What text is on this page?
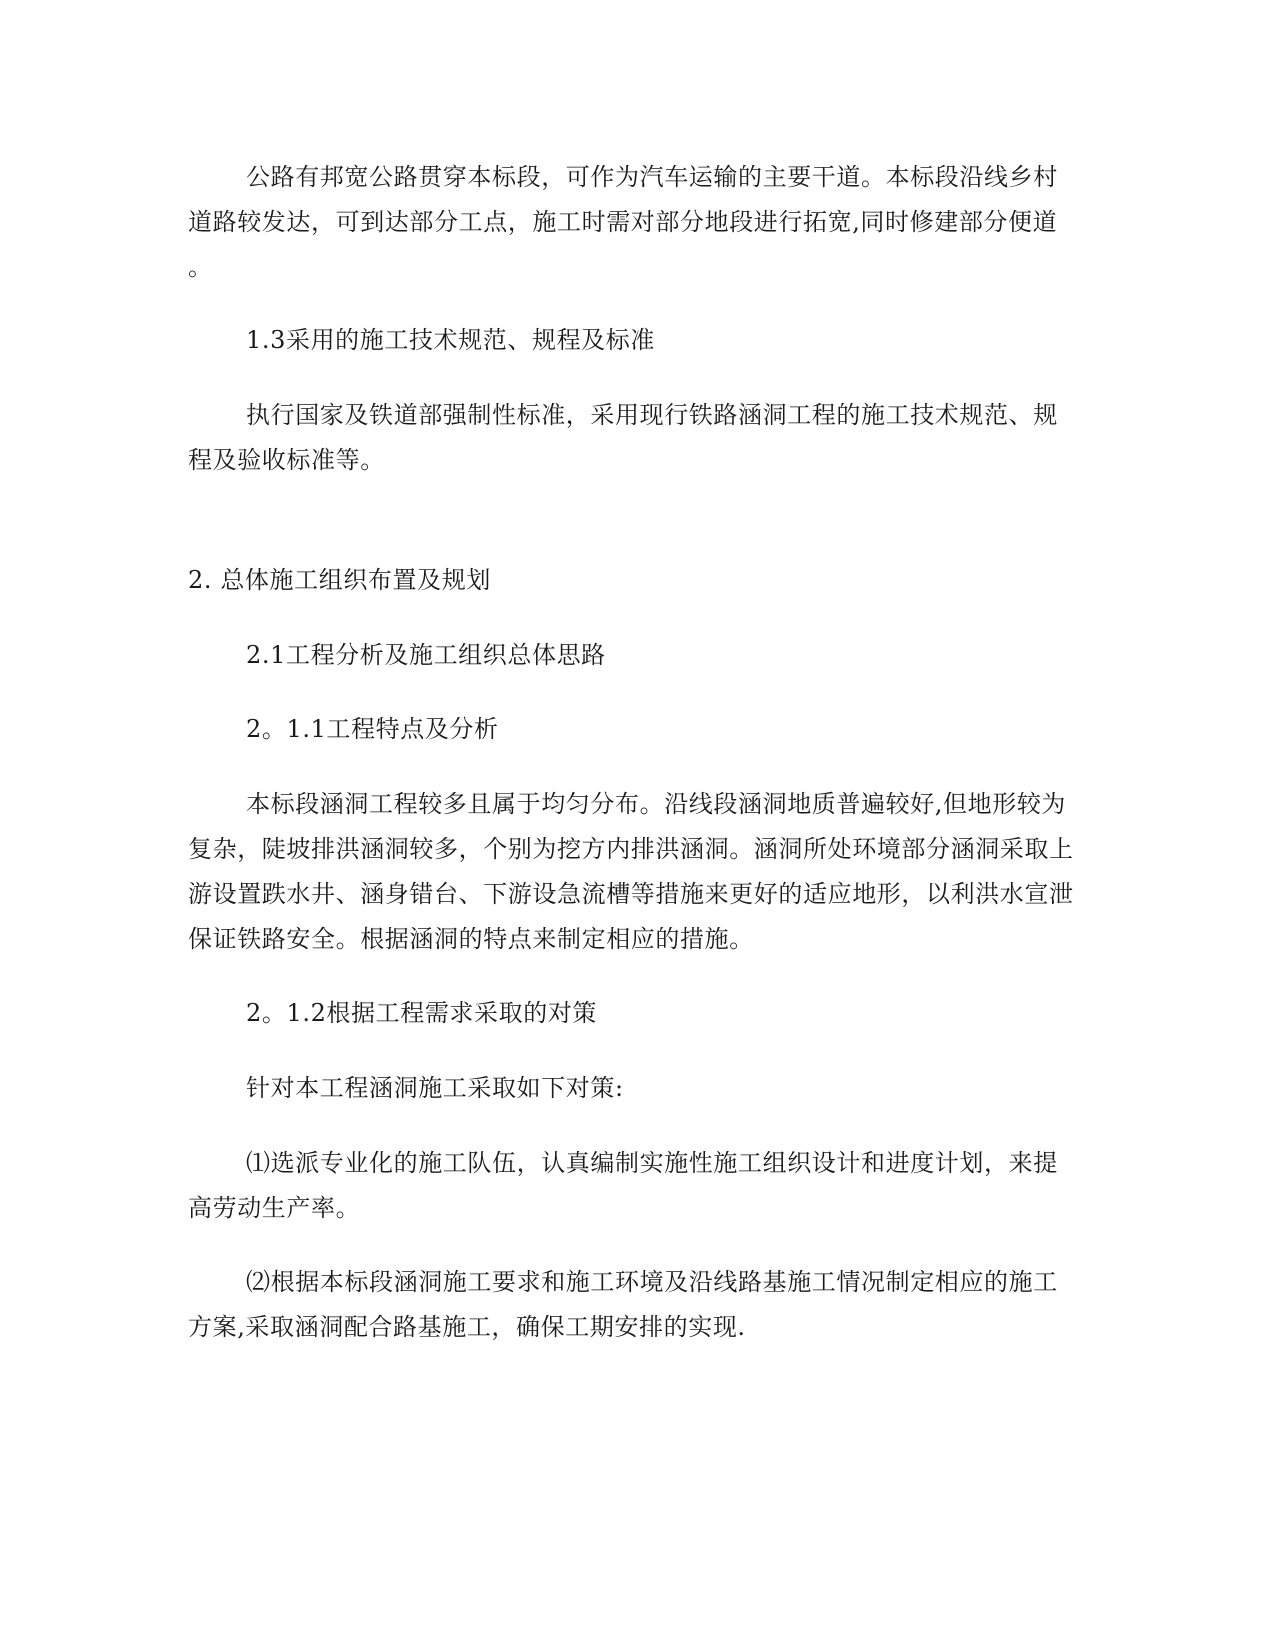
公路有邦宽公路贯穿本标段，可作为汽车运输的主要干道。本标段沿线乡村
道路较发达，可到达部分工点，施工时需对部分地段进行拓宽,同时修建部分便道
。
1.3采用的施工技术规范、规程及标准
执行国家及铁道部强制性标准，采用现行铁路涵洞工程的施工技术规范、规
程及验收标准等。
2. 总体施工组织布置及规划
2.1工程分析及施工组织总体思路
2。1.1工程特点及分析
本标段涵洞工程较多且属于均匀分布。沿线段涵洞地质普遍较好,但地形较为
复杂，陡坡排洪涵洞较多，个别为挖方内排洪涵洞。涵洞所处环境部分涵洞采取上
游设置跌水井、涵身错台、下游设急流槽等措施来更好的适应地形，以利洪水宣泄
保证铁路安全。根据涵洞的特点来制定相应的措施。
2。1.2根据工程需求采取的对策
针对本工程涵洞施工采取如下对策:
⑴选派专业化的施工队伍，认真编制实施性施工组织设计和进度计划，来提
高劳动生产率。
⑵根据本标段涵洞施工要求和施工环境及沿线路基施工情况制定相应的施工
方案,采取涵洞配合路基施工，确保工期安排的实现.
